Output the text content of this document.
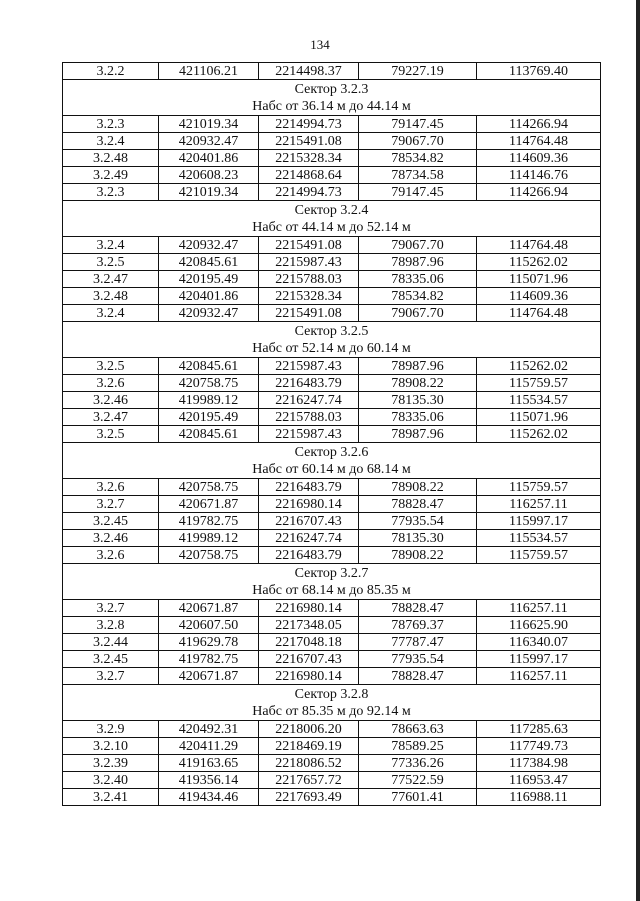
134
3.2.2	421106.21	2214498.37	79227.19	113769.40

Сектор 3.2.3
Набс от 36.14 м до 44.14 м				

3.2.3	421019.34	2214994.73	79147.45	114266.94
3.2.4	420932.47	2215491.08	79067.70	114764.48
3.2.48	420401.86	2215328.34	78534.82	114609.36
3.2.49	420608.23	2214868.64	78734.58	114146.76
3.2.3	421019.34	2214994.73	79147.45	114266.94

Сектор 3.2.4
Набс от 44.14 м до 52.14 м				

3.2.4	420932.47	2215491.08	79067.70	114764.48
3.2.5	420845.61	2215987.43	78987.96	115262.02
3.2.47	420195.49	2215788.03	78335.06	115071.96
3.2.48	420401.86	2215328.34	78534.82	114609.36
3.2.4	420932.47	2215491.08	79067.70	114764.48

Сектор 3.2.5
Набс от 52.14 м до 60.14 м				

3.2.5	420845.61	2215987.43	78987.96	115262.02
3.2.6	420758.75	2216483.79	78908.22	115759.57
3.2.46	419989.12	2216247.74	78135.30	115534.57
3.2.47	420195.49	2215788.03	78335.06	115071.96
3.2.5	420845.61	2215987.43	78987.96	115262.02

Сектор 3.2.6
Набс от 60.14 м до 68.14 м				

3.2.6	420758.75	2216483.79	78908.22	115759.57
3.2.7	420671.87	2216980.14	78828.47	116257.11
3.2.45	419782.75	2216707.43	77935.54	115997.17
3.2.46	419989.12	2216247.74	78135.30	115534.57
3.2.6	420758.75	2216483.79	78908.22	115759.57

Сектор 3.2.7
Набс от 68.14 м до 85.35 м				

3.2.7	420671.87	2216980.14	78828.47	116257.11
3.2.8	420607.50	2217348.05	78769.37	116625.90
3.2.44	419629.78	2217048.18	77787.47	116340.07
3.2.45	419782.75	2216707.43	77935.54	115997.17
3.2.7	420671.87	2216980.14	78828.47	116257.11

Сектор 3.2.8
Набс от 85.35 м до 92.14 м				

3.2.9	420492.31	2218006.20	78663.63	117285.63
3.2.10	420411.29	2218469.19	78589.25	117749.73
3.2.39	419163.65	2218086.52	77336.26	117384.98
3.2.40	419356.14	2217657.72	77522.59	116953.47
3.2.41	419434.46	2217693.49	77601.41	116988.11
